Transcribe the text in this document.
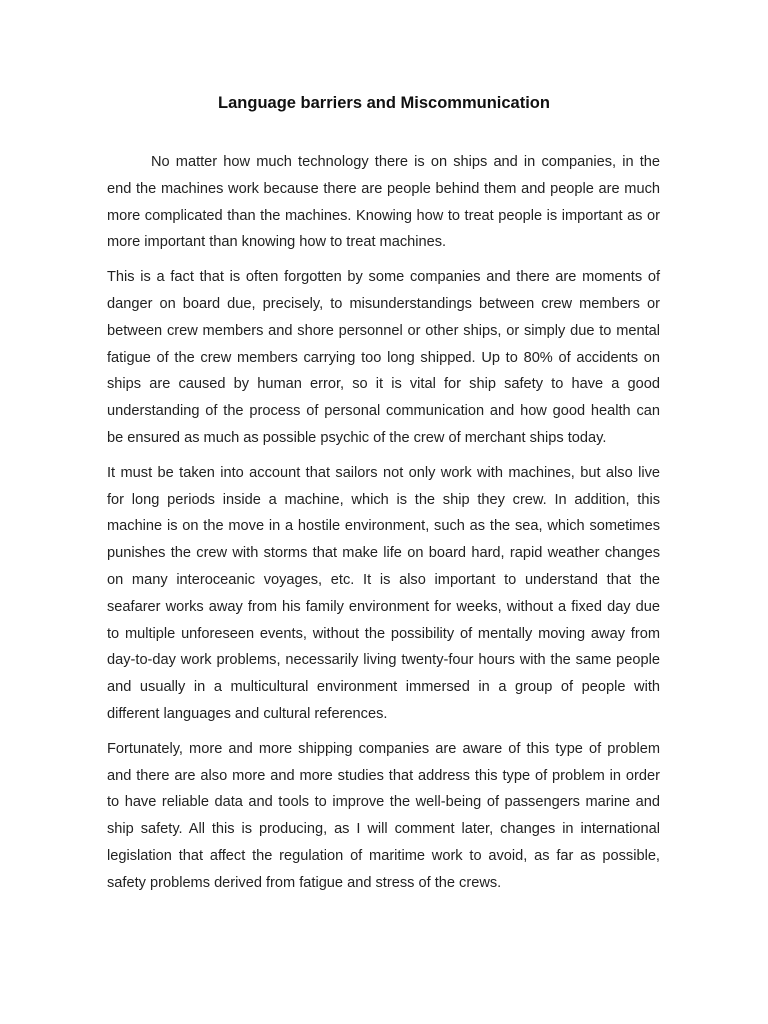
Language barriers and Miscommunication

No matter how much technology there is on ships and in companies, in the end the machines work because there are people behind them and people are much more complicated than the machines. Knowing how to treat people is important as or more important than knowing how to treat machines.

This is a fact that is often forgotten by some companies and there are moments of danger on board due, precisely, to misunderstandings between crew members or between crew members and shore personnel or other ships, or simply due to mental fatigue of the crew members carrying too long shipped. Up to 80% of accidents on ships are caused by human error, so it is vital for ship safety to have a good understanding of the process of personal communication and how good health can be ensured as much as possible psychic of the crew of merchant ships today.

It must be taken into account that sailors not only work with machines, but also live for long periods inside a machine, which is the ship they crew. In addition, this machine is on the move in a hostile environment, such as the sea, which sometimes punishes the crew with storms that make life on board hard, rapid weather changes on many interoceanic voyages, etc. It is also important to understand that the seafarer works away from his family environment for weeks, without a fixed day due to multiple unforeseen events, without the possibility of mentally moving away from day-to-day work problems, necessarily living twenty-four hours with the same people and usually in a multicultural environment immersed in a group of people with different languages and cultural references.

Fortunately, more and more shipping companies are aware of this type of problem and there are also more and more studies that address this type of problem in order to have reliable data and tools to improve the well-being of passengers marine and ship safety. All this is producing, as I will comment later, changes in international legislation that affect the regulation of maritime work to avoid, as far as possible, safety problems derived from fatigue and stress of the crews.
